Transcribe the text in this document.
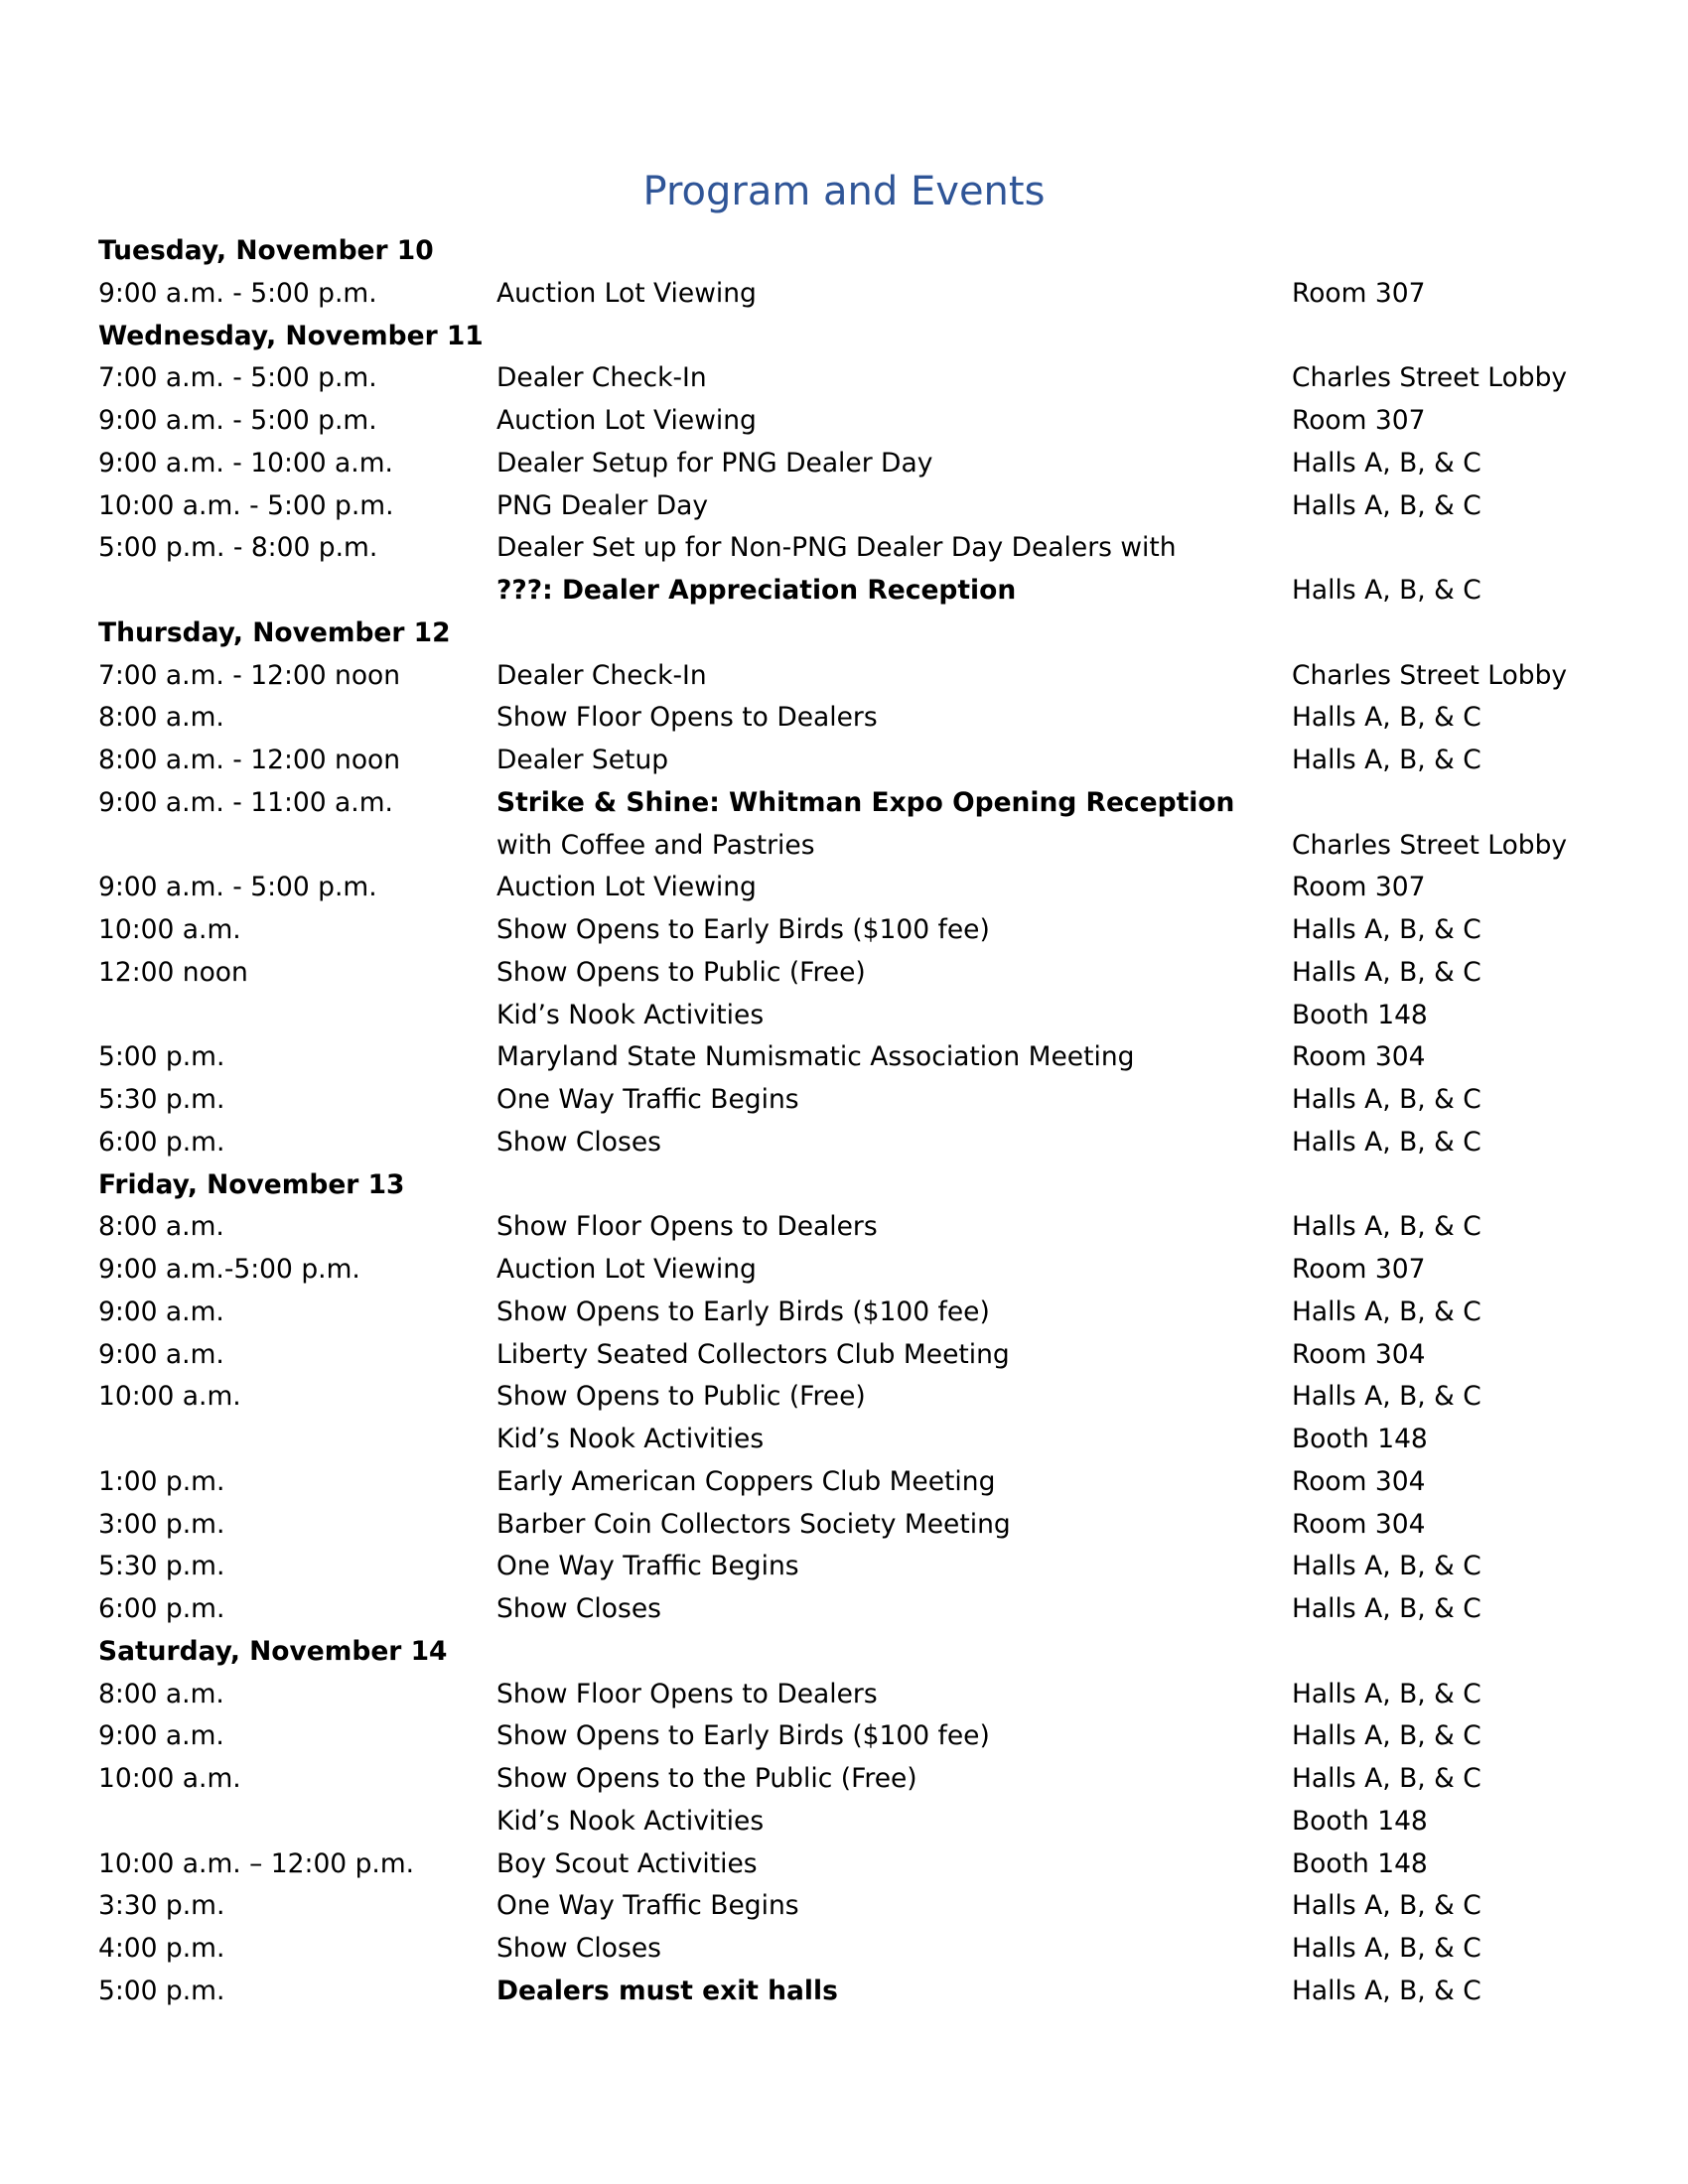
Program and Events
Tuesday, November 10
9:00 a.m. - 5:00 p.m.	Auction Lot Viewing	Room 307
Wednesday, November 11
7:00 a.m. - 5:00 p.m.	Dealer Check-In	Charles Street Lobby
9:00 a.m. - 5:00 p.m.	Auction Lot Viewing	Room 307
9:00 a.m. - 10:00 a.m.	Dealer Setup for PNG Dealer Day	Halls A, B, & C
10:00 a.m. - 5:00 p.m.	PNG Dealer Day	Halls A, B, & C
5:00 p.m. - 8:00 p.m.	Dealer Set up for Non-PNG Dealer Day Dealers with
???: Dealer Appreciation Reception	Halls A, B, & C
Thursday, November 12
7:00 a.m. - 12:00 noon	Dealer Check-In	Charles Street Lobby
8:00 a.m.	Show Floor Opens to Dealers	Halls A, B, & C
8:00 a.m. - 12:00 noon	Dealer Setup	Halls A, B, & C
9:00 a.m. - 11:00 a.m.	Strike & Shine: Whitman Expo Opening Reception
with Coffee and Pastries	Charles Street Lobby
9:00 a.m. - 5:00 p.m.	Auction Lot Viewing	Room 307
10:00 a.m.	Show Opens to Early Birds ($100 fee)	Halls A, B, & C
12:00 noon	Show Opens to Public (Free)	Halls A, B, & C
Kid’s Nook Activities	Booth 148
5:00 p.m.	Maryland State Numismatic Association Meeting	Room 304
5:30 p.m.	One Way Traffic Begins	Halls A, B, & C
6:00 p.m.	Show Closes	Halls A, B, & C
Friday, November 13
8:00 a.m.	Show Floor Opens to Dealers	Halls A, B, & C
9:00 a.m.-5:00 p.m.	Auction Lot Viewing	Room 307
9:00 a.m.	Show Opens to Early Birds ($100 fee)	Halls A, B, & C
9:00 a.m.	Liberty Seated Collectors Club Meeting	Room 304
10:00 a.m.	Show Opens to Public (Free)	Halls A, B, & C
Kid’s Nook Activities	Booth 148
1:00 p.m.	Early American Coppers Club Meeting	Room 304
3:00 p.m.	Barber Coin Collectors Society Meeting	Room 304
5:30 p.m.	One Way Traffic Begins	Halls A, B, & C
6:00 p.m.	Show Closes	Halls A, B, & C
Saturday, November 14
8:00 a.m.	Show Floor Opens to Dealers	Halls A, B, & C
9:00 a.m.	Show Opens to Early Birds ($100 fee)	Halls A, B, & C
10:00 a.m.	Show Opens to the Public (Free)	Halls A, B, & C
Kid’s Nook Activities	Booth 148
10:00 a.m. – 12:00 p.m.	Boy Scout Activities	Booth 148
3:30 p.m.	One Way Traffic Begins	Halls A, B, & C
4:00 p.m.	Show Closes	Halls A, B, & C
5:00 p.m.	Dealers must exit halls	Halls A, B, & C
